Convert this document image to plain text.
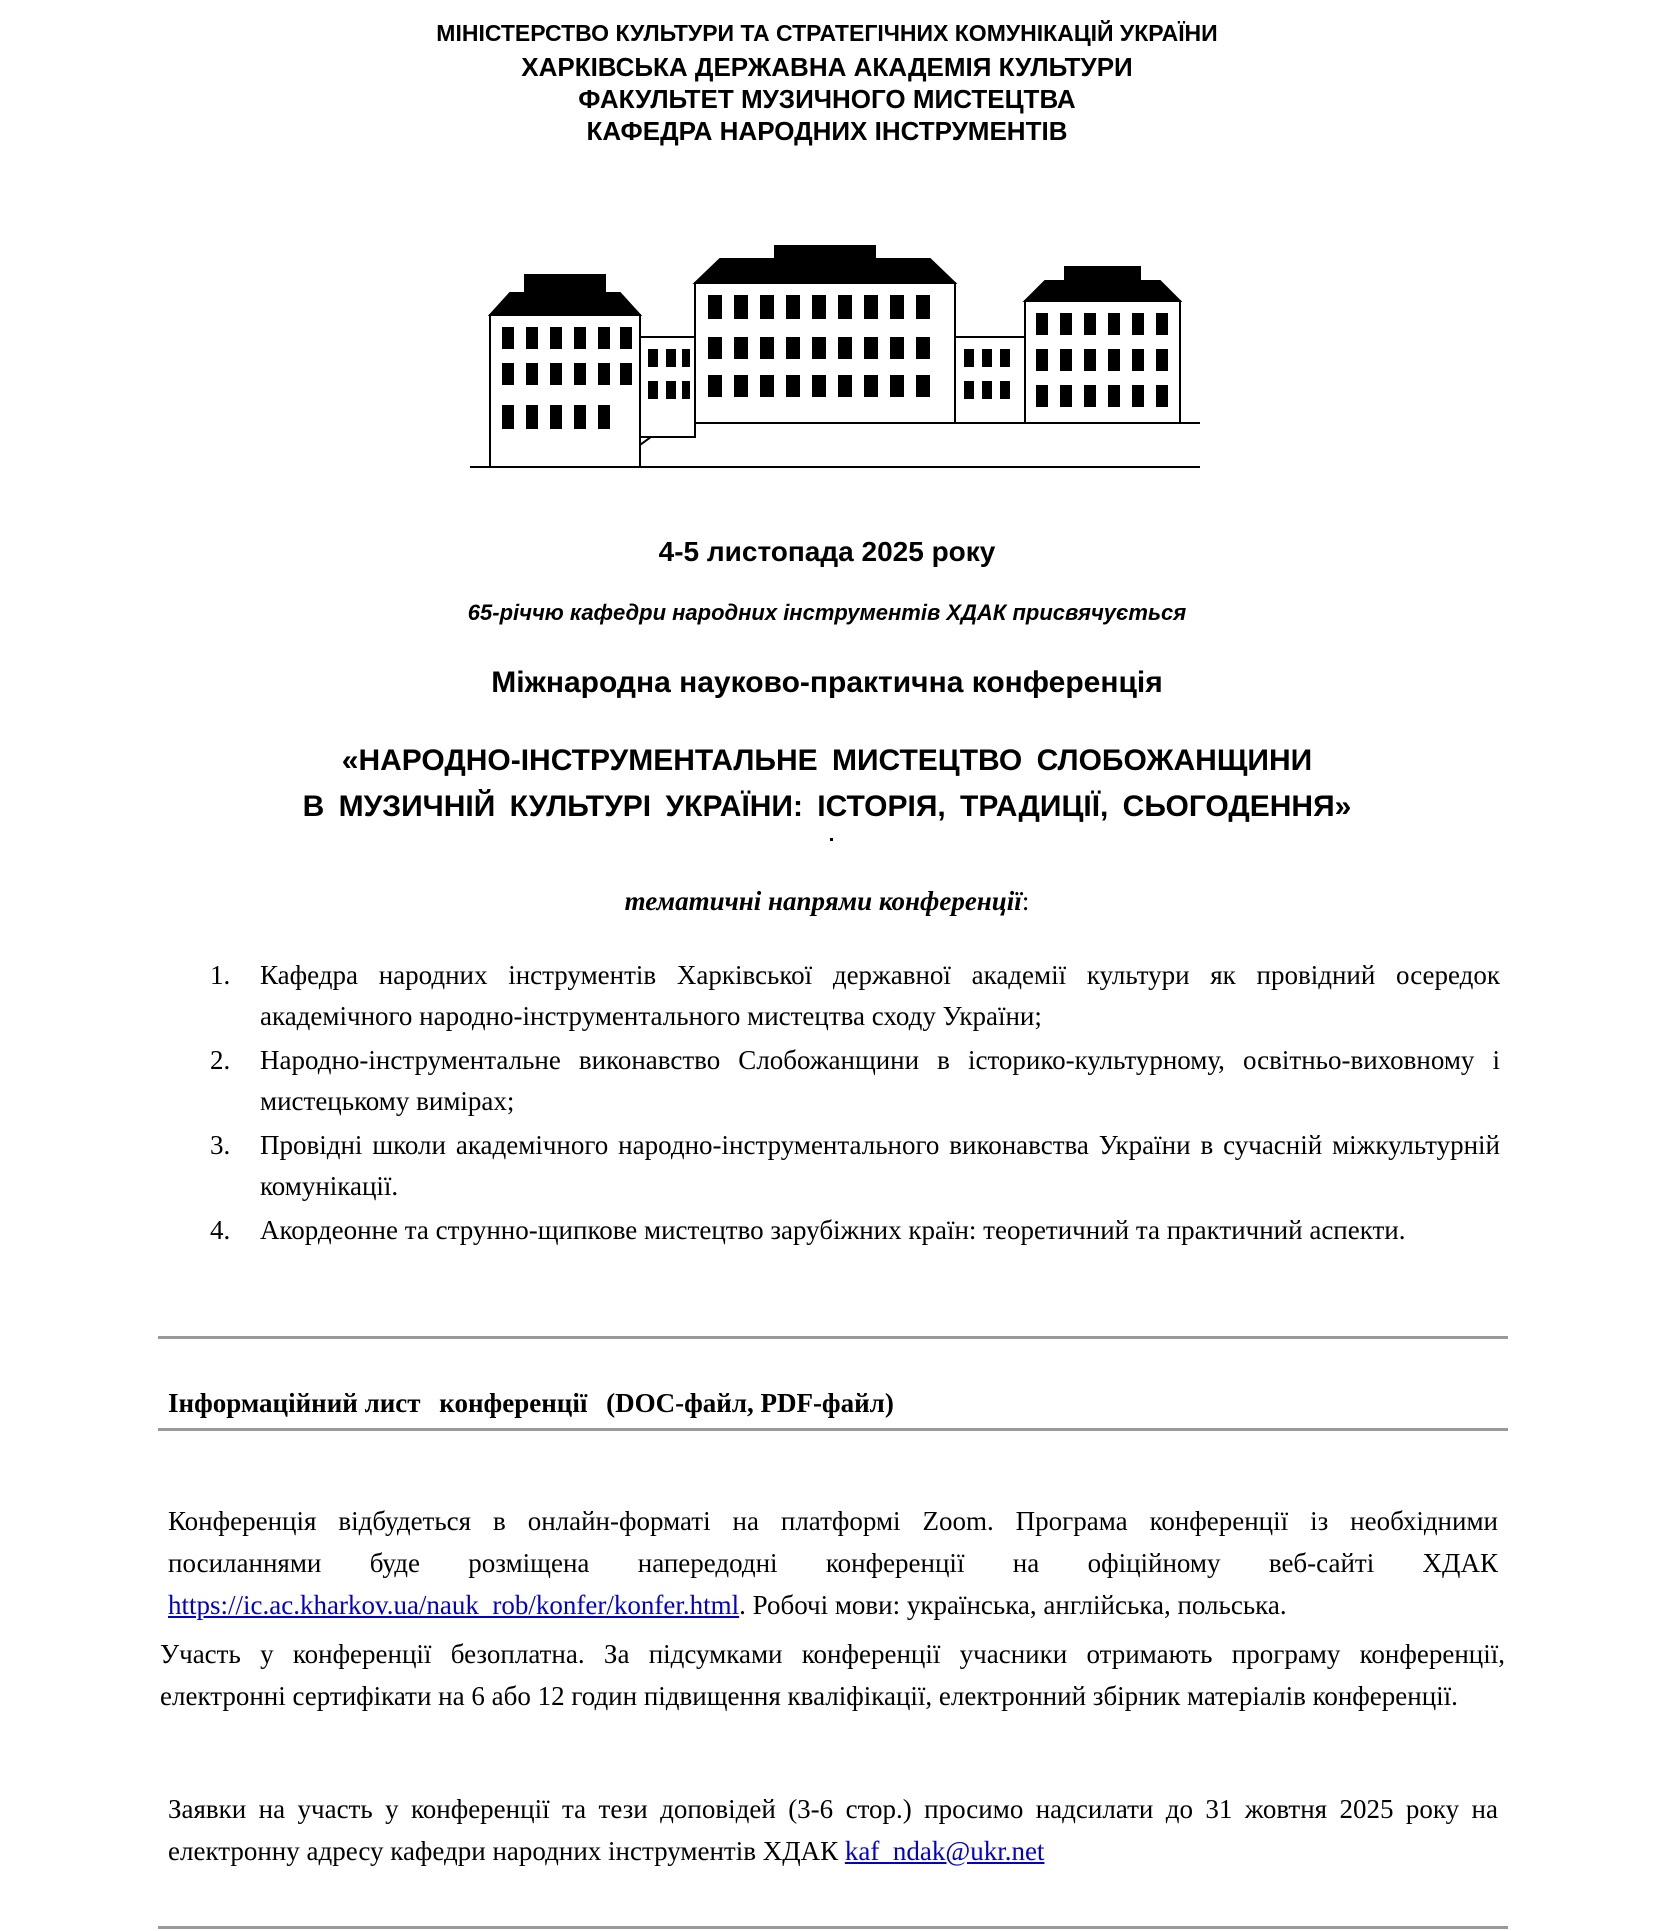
МІНІСТЕРСТВО КУЛЬТУРИ ТА СТРАТЕГІЧНИХ КОМУНІКАЦІЙ УКРАЇНИ
ХАРКІВСЬКА ДЕРЖАВНА АКАДЕМІЯ КУЛЬТУРИ
ФАКУЛЬТЕТ МУЗИЧНОГО МИСТЕЦТВА
КАФЕДРА НАРОДНИХ ІНСТРУМЕНТІВ
4-5 листопада 2025 року
65-річчю кафедри народних інструментів ХДАК присвячується
Міжнародна науково-практична конференція
«НАРОДНО-ІНСТРУМЕНТАЛЬНЕ МИСТЕЦТВО СЛОБОЖАНЩИНИ
В МУЗИЧНІЙ КУЛЬТУРІ УКРАЇНИ: ІСТОРІЯ, ТРАДИЦІЇ, СЬОГОДЕННЯ»
тематичні напрями конференції:
1. Кафедра народних інструментів Харківської державної академії культури як провідний осередок академічного народно-інструментального мистецтва сходу України;
2. Народно-інструментальне виконавство Слобожанщини в історико-культурному, освітньо-виховному і мистецькому вимірах;
3. Провідні школи академічного народно-інструментального виконавства України в сучасній міжкультурній комунікації.
4. Акордеонне та струнно-щипкове мистецтво зарубіжних країн: теоретичний та практичний аспекти.
Інформаційний лист конференції (DOC-файл, PDF-файл)

Конференція відбудеться в онлайн-форматі на платформі Zoom. Програма конференції із необхідними посиланнями буде розміщена напередодні конференції на офіційному веб-сайті ХДАК https://ic.ac.kharkov.ua/nauk_rob/konfer/konfer.html. Робочі мови: українська, англійська, польська.

Участь у конференції безоплатна. За підсумками конференції учасники отримають програму конференції, електронні сертифікати на 6 або 12 годин підвищення кваліфікації, електронний збірник матеріалів конференції.

Заявки на участь у конференції та тези доповідей (3-6 стор.) просимо надсилати до 31 жовтня 2025 року на електронну адресу кафедри народних інструментів ХДАК kaf_ndak@ukr.net
